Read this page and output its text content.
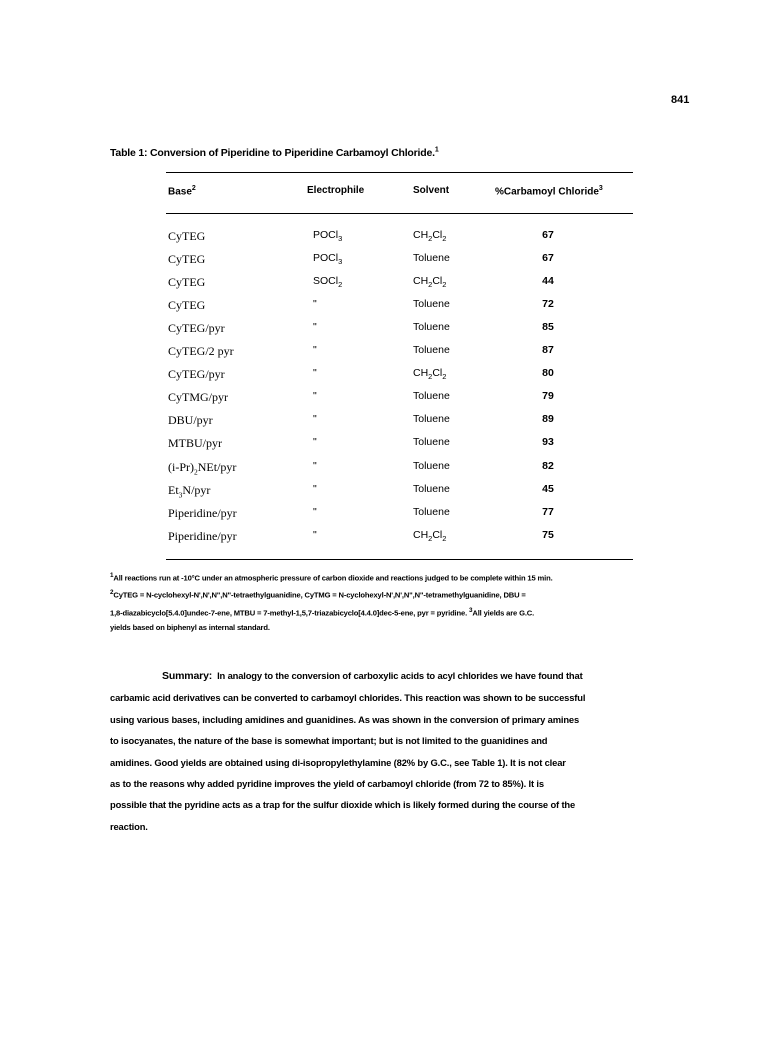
841
Table 1: Conversion of Piperidine to Piperidine Carbamoyl Chloride.$^1$
Base$^2$	Electrophile	Solvent	%Carbamoyl Chloride$^3$
CyTEG	POCl$_3$	$CH_2Cl_2$	67
CyTEG	POCl$_3$	Toluene	67
CyTEG	SOCl$_2$	$CH_2Cl_2$	44
CyTEG	"	Toluene	72
CyTEG/pyr	"	Toluene	85
CyTEG/2 pyr	"	Toluene	87
CyTEG/pyr	"	$CH_2Cl_2$	80
CyTMG/pyr	"	Toluene	79
DBU/pyr	"	Toluene	89
MTBU/pyr	"	Toluene	93
$(i-Pr)_2NEt$/pyr	"	Toluene	82
$Et_3N$/pyr	"	Toluene	45
Piperidine/pyr	"	Toluene	77
Piperidine/pyr	"	$CH_2Cl_2$	75

$^1$All reactions run at -10°C under an atmospheric pressure of carbon dioxide and reactions judged to be complete within 15 min.

$^2$CyTEG = N-cyclohexyl-N',N',N",N"-tetraethylguanidine, CyTMG = N-cyclohexyl-N',N',N",N"-tetramethylguanidine, DBU =

1,8-diazabicyclo[5.4.0]undec-7-ene, MTBU = 7-methyl-1,5,7-triazabicyclo[4.4.0]dec-5-ene, pyr = pyridine. $^3$All yields are G.C.

yields based on biphenyl as internal standard.

Summary: In analogy to the conversion of carboxylic acids to acyl chlorides we have found that

carbamic acid derivatives can be converted to carbamoyl chlorides. This reaction was shown to be successful

using various bases, including amidines and guanidines. As was shown in the conversion of primary amines

to isocyanates, the nature of the base is somewhat important; but is not limited to the guanidines and

amidines. Good yields are obtained using di-isopropylethylamine (82% by G.C., see Table 1). It is not clear

as to the reasons why added pyridine improves the yield of carbamoyl chloride (from 72 to 85%). It is

possible that the pyridine acts as a trap for the sulfur dioxide which is likely formed during the course of the

reaction.
